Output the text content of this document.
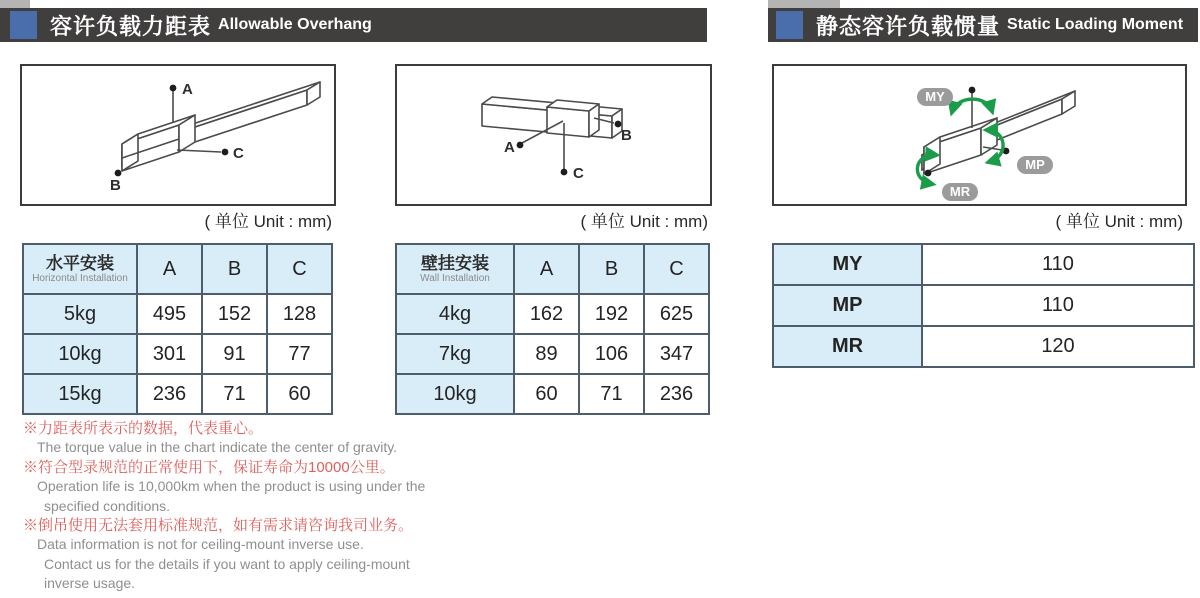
容许负载力距表 Allowable Overhang	静态容许负载惯量 Static Loading Moment
A
C
B
A
C
B
MY
MP
MR
( 单位 Unit : mm)	( 单位 Unit : mm)	( 单位 Unit : mm)
水平安装
Horizontal Installation	A	B	C
5kg	495	152	128
10kg	301	91	77
15kg	236	71	60
壁挂安装
Wall Installation	A	B	C
4kg	162	192	625
7kg	89	106	347
10kg	60	71	236
MY	110
MP	110
MR	120
※力距表所表示的数据，代表重心。
The torque value in the chart indicate the center of gravity.
※符合型录规范的正常使用下，保证寿命为10000公里。
Operation life is 10,000km when the product is using under the
specified conditions.
※倒吊使用无法套用标准规范，如有需求请咨询我司业务。
Data information is not for ceiling-mount inverse use.
Contact us for the details if you want to apply ceiling-mount
inverse usage.
